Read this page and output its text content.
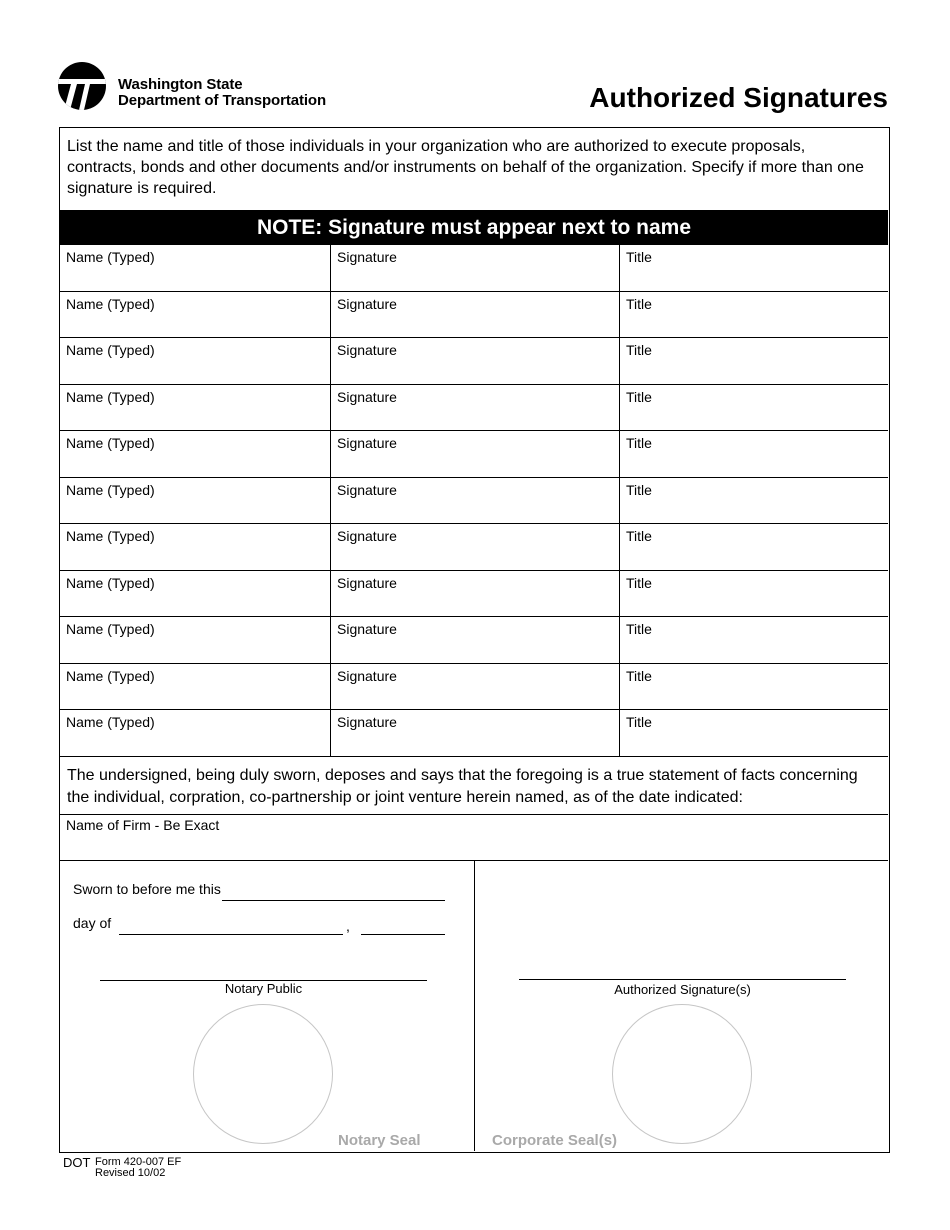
Washington State
Department of Transportation	Authorized Signatures
List the name and title of those individuals in your organization who are authorized to execute proposals, contracts, bonds and other documents and/or instruments on behalf of the organization. Specify if more than one signature is required.
NOTE: Signature must appear next to name
Name (Typed)	Signature	Title
Name (Typed)	Signature	Title
Name (Typed)	Signature	Title
Name (Typed)	Signature	Title
Name (Typed)	Signature	Title
Name (Typed)	Signature	Title
Name (Typed)	Signature	Title
Name (Typed)	Signature	Title
Name (Typed)	Signature	Title
Name (Typed)	Signature	Title
Name (Typed)	Signature	Title
The undersigned, being duly sworn, deposes and says that the foregoing is a true statement of facts concerning the individual, corpration, co-partnership or joint venture herein named, as of the date indicated:
Name of Firm - Be Exact
Sworn to before me this
day of	,
Notary Public
Notary Seal
Authorized Signature(s)
Corporate Seal(s)
DOT Form 420-007 EF
Revised 10/02
